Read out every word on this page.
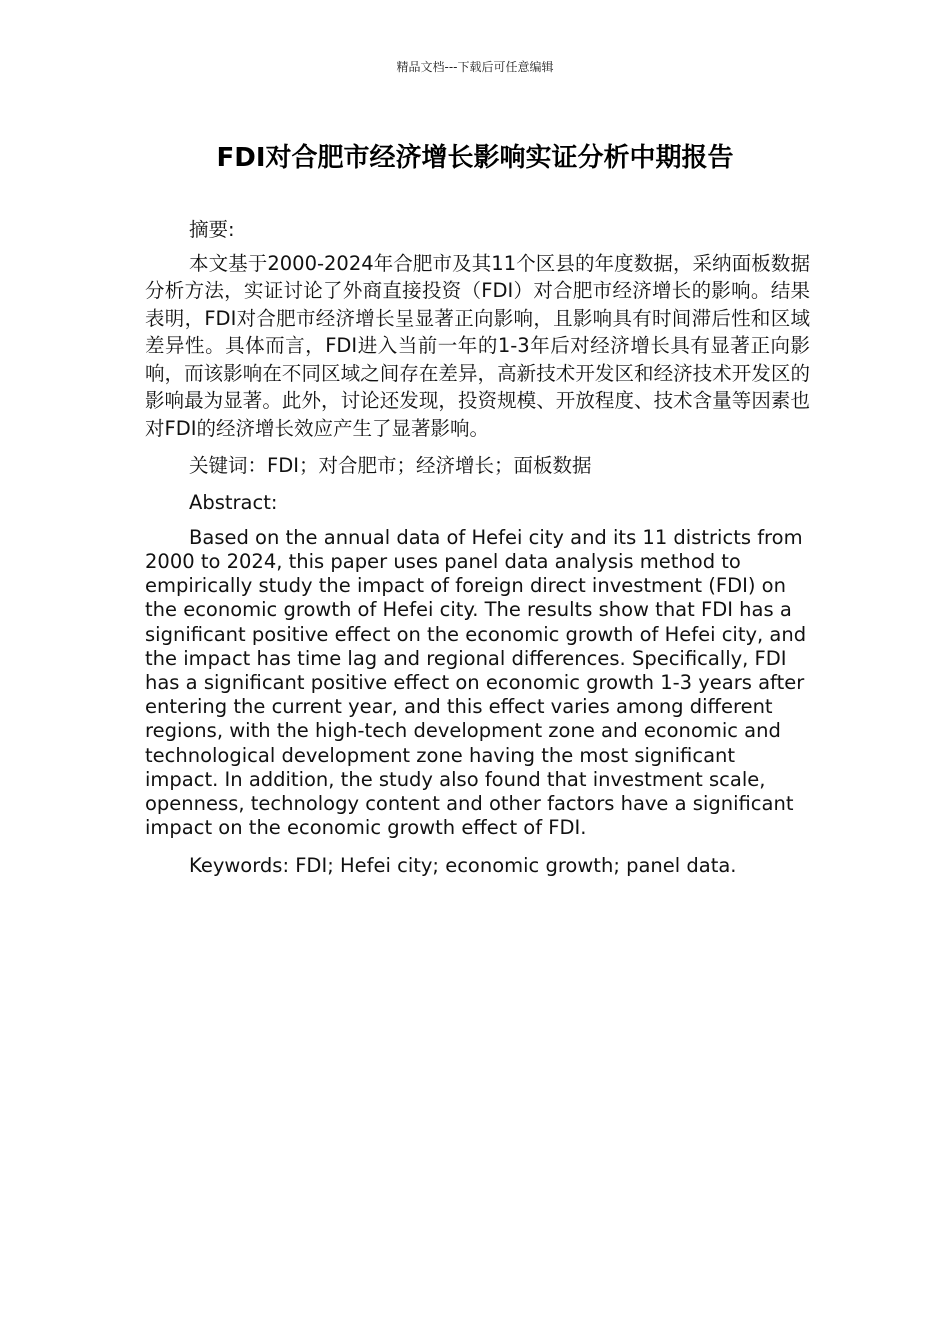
精品文档---下载后可任意编辑
FDI对合肥市经济增长影响实证分析中期报告

摘要:

本文基于2000-2024年合肥市及其11个区县的年度数据，采纳面板数据分析方法，实证讨论了外商直接投资（FDI）对合肥市经济增长的影响。结果表明，FDI对合肥市经济增长呈显著正向影响，且影响具有时间滞后性和区域差异性。具体而言，FDI进入当前一年的1-3年后对经济增长具有显著正向影响，而该影响在不同区域之间存在差异，高新技术开发区和经济技术开发区的影响最为显著。此外，讨论还发现，投资规模、开放程度、技术含量等因素也对FDI的经济增长效应产生了显著影响。

关键词：FDI；对合肥市；经济增长；面板数据

Abstract:

Based on the annual data of Hefei city and its 11 districts from 2000 to 2024, this paper uses panel data analysis method to empirically study the impact of foreign direct investment (FDI) on the economic growth of Hefei city. The results show that FDI has a significant positive effect on the economic growth of Hefei city, and the impact has time lag and regional differences. Specifically, FDI has a significant positive effect on economic growth 1-3 years after entering the current year, and this effect varies among different regions, with the high-tech development zone and economic and technological development zone having the most significant impact. In addition, the study also found that investment scale, openness, technology content and other factors have a significant impact on the economic growth effect of FDI.

Keywords: FDI; Hefei city; economic growth; panel data.
